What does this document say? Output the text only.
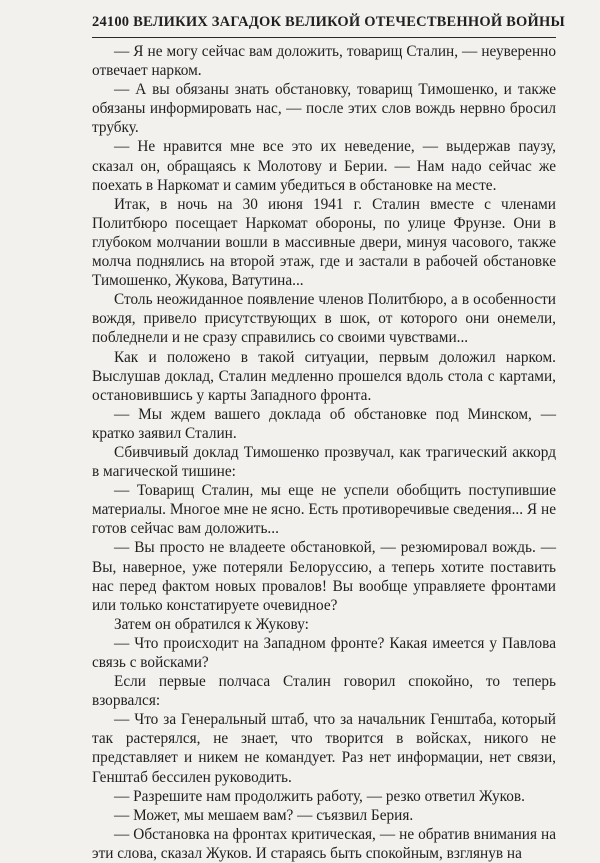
24 100 ВЕЛИКИХ ЗАГАДОК ВЕЛИКОЙ ОТЕЧЕСТВЕННОЙ ВОЙНЫ

— Я не могу сейчас вам доложить, товарищ Сталин, — неуверенно отвечает нарком.

— А вы обязаны знать обстановку, товарищ Тимошенко, и также обязаны информировать нас, — после этих слов вождь нервно бросил трубку.

— Не нравится мне все это их неведение, — выдержав паузу, сказал он, обращаясь к Молотову и Берии. — Нам надо сейчас же поехать в Наркомат и самим убедиться в обстановке на месте.

Итак, в ночь на 30 июня 1941 г. Сталин вместе с членами Политбюро посещает Наркомат обороны, по улице Фрунзе. Они в глубоком молчании вошли в массивные двери, минуя часового, также молча поднялись на второй этаж, где и застали в рабочей обстановке Тимошенко, Жукова, Ватутина...

Столь неожиданное появление членов Политбюро, а в особенности вождя, привело присутствующих в шок, от которого они онемели, побледнели и не сразу справились со своими чувствами...

Как и положено в такой ситуации, первым доложил нарком. Выслушав доклад, Сталин медленно прошелся вдоль стола с картами, остановившись у карты Западного фронта.

— Мы ждем вашего доклада об обстановке под Минском, — кратко заявил Сталин.

Сбивчивый доклад Тимошенко прозвучал, как трагический аккорд в магической тишине:

— Товарищ Сталин, мы еще не успели обобщить поступившие материалы. Многое мне не ясно. Есть противоречивые сведения... Я не готов сейчас вам доложить...

— Вы просто не владеете обстановкой, — резюмировал вождь. — Вы, наверное, уже потеряли Белоруссию, а теперь хотите поставить нас перед фактом новых провалов! Вы вообще управляете фронтами или только констатируете очевидное?

Затем он обратился к Жукову:

— Что происходит на Западном фронте? Какая имеется у Павлова связь с войсками?

Если первые полчаса Сталин говорил спокойно, то теперь взорвался:

— Что за Генеральный штаб, что за начальник Генштаба, который так растерялся, не знает, что творится в войсках, никого не представляет и никем не командует. Раз нет информации, нет связи, Генштаб бессилен руководить.

— Разрешите нам продолжить работу, — резко ответил Жуков.

— Может, мы мешаем вам? — съязвил Берия.

— Обстановка на фронтах критическая, — не обратив внимания на эти слова, сказал Жуков. И стараясь быть спокойным, взглянув на
